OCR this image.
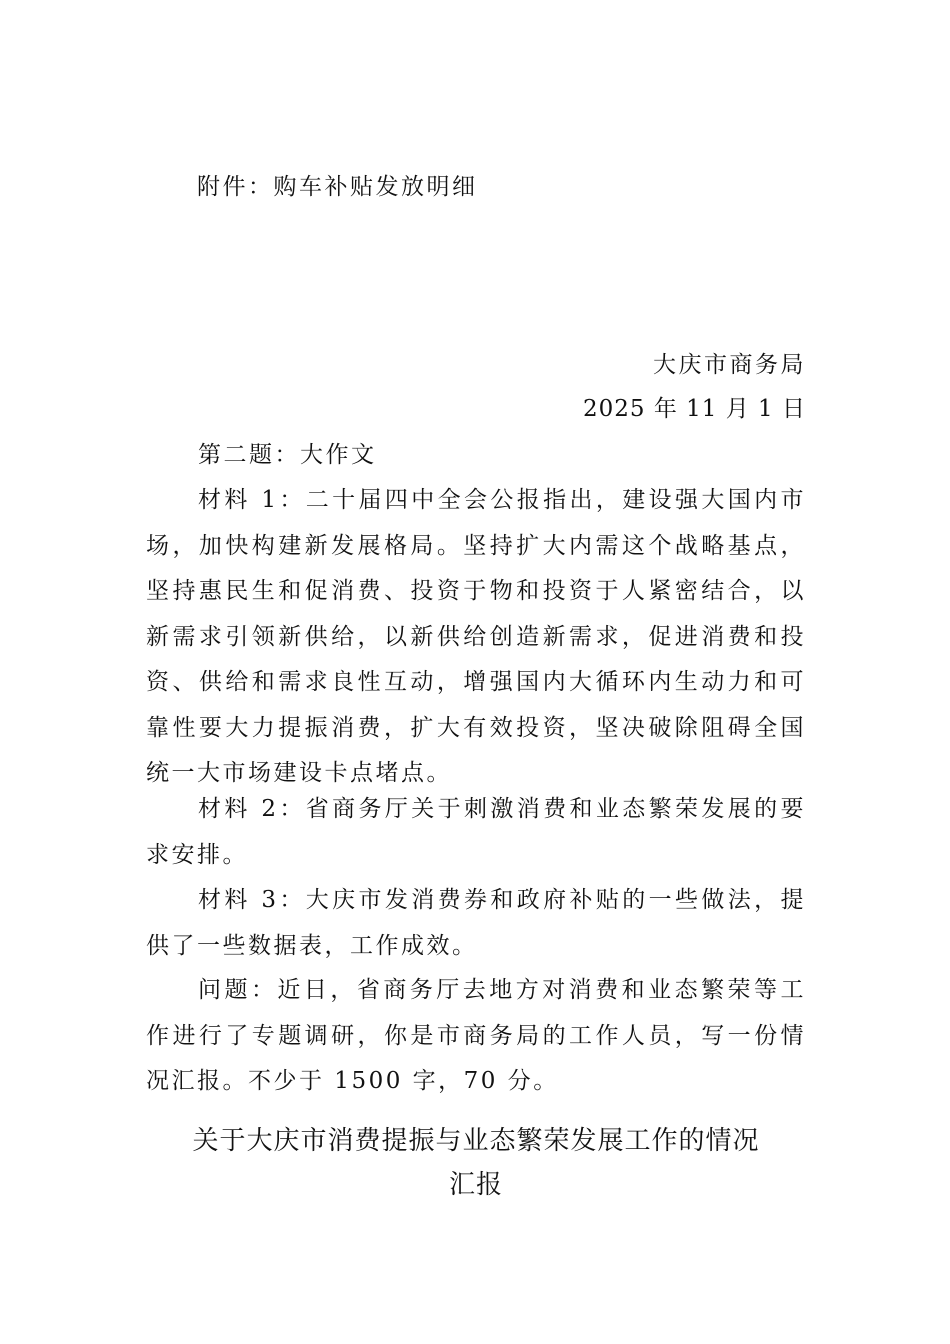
附件：购车补贴发放明细
大庆市商务局
2025 年 11 月 1 日

第二题：大作文

材料 1：二十届四中全会公报指出，建设强大国内市场，加快构建新发展格局。坚持扩大内需这个战略基点，坚持惠民生和促消费、投资于物和投资于人紧密结合，以新需求引领新供给，以新供给创造新需求，促进消费和投资、供给和需求良性互动，增强国内大循环内生动力和可靠性要大力提振消费，扩大有效投资，坚决破除阻碍全国统一大市场建设卡点堵点。

材料 2：省商务厅关于刺激消费和业态繁荣发展的要求安排。

材料 3：大庆市发消费券和政府补贴的一些做法，提供了一些数据表，工作成效。

问题：近日，省商务厅去地方对消费和业态繁荣等工作进行了专题调研，你是市商务局的工作人员，写一份情况汇报。不少于 1500 字，70 分。

关于大庆市消费提振与业态繁荣发展工作的情况
汇报
